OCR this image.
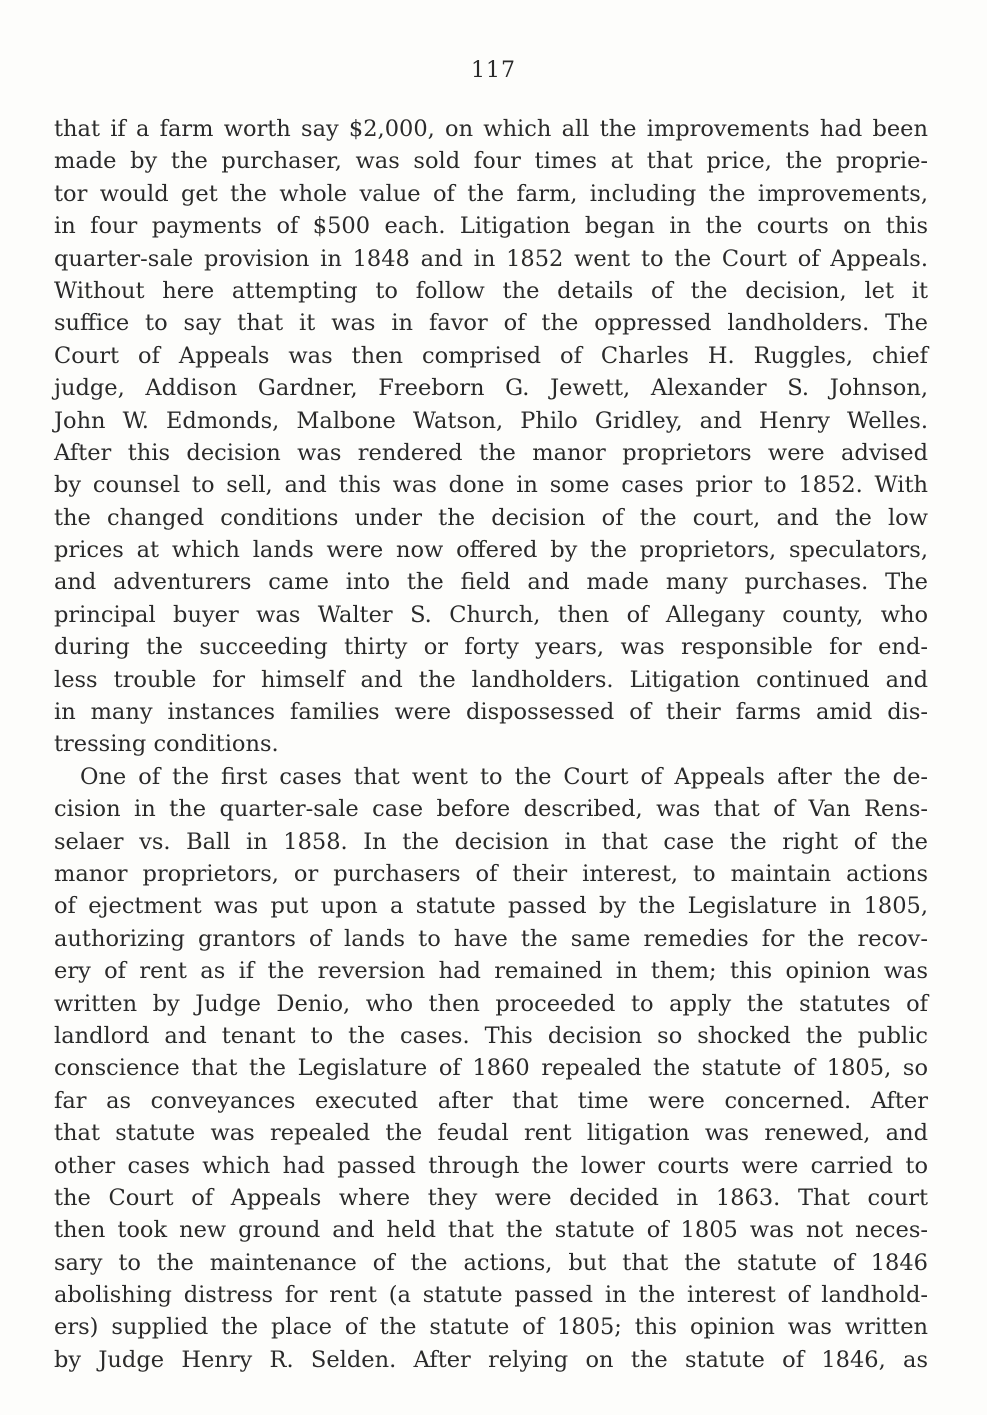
117
that if a farm worth say $2,000, on which all the improvements had been
made by the purchaser, was sold four times at that price, the proprie-
tor would get the whole value of the farm, including the improvements,
in four payments of $500 each. Litigation began in the courts on this
quarter-sale provision in 1848 and in 1852 went to the Court of Appeals.
Without here attempting to follow the details of the decision, let it
suffice to say that it was in favor of the oppressed landholders. The
Court of Appeals was then comprised of Charles H. Ruggles, chief
judge, Addison Gardner, Freeborn G. Jewett, Alexander S. Johnson,
John W. Edmonds, Malbone Watson, Philo Gridley, and Henry Welles.
After this decision was rendered the manor proprietors were advised
by counsel to sell, and this was done in some cases prior to 1852. With
the changed conditions under the decision of the court, and the low
prices at which lands were now offered by the proprietors, speculators,
and adventurers came into the field and made many purchases. The
principal buyer was Walter S. Church, then of Allegany county, who
during the succeeding thirty or forty years, was responsible for end-
less trouble for himself and the landholders. Litigation continued and
in many instances families were dispossessed of their farms amid dis-
tressing conditions.
One of the first cases that went to the Court of Appeals after the de-
cision in the quarter-sale case before described, was that of Van Rens-
selaer vs. Ball in 1858. In the decision in that case the right of the
manor proprietors, or purchasers of their interest, to maintain actions
of ejectment was put upon a statute passed by the Legislature in 1805,
authorizing grantors of lands to have the same remedies for the recov-
ery of rent as if the reversion had remained in them; this opinion was
written by Judge Denio, who then proceeded to apply the statutes of
landlord and tenant to the cases. This decision so shocked the public
conscience that the Legislature of 1860 repealed the statute of 1805, so
far as conveyances executed after that time were concerned. After
that statute was repealed the feudal rent litigation was renewed, and
other cases which had passed through the lower courts were carried to
the Court of Appeals where they were decided in 1863. That court
then took new ground and held that the statute of 1805 was not neces-
sary to the maintenance of the actions, but that the statute of 1846
abolishing distress for rent (a statute passed in the interest of landhold-
ers) supplied the place of the statute of 1805; this opinion was written
by Judge Henry R. Selden. After relying on the statute of 1846, as
